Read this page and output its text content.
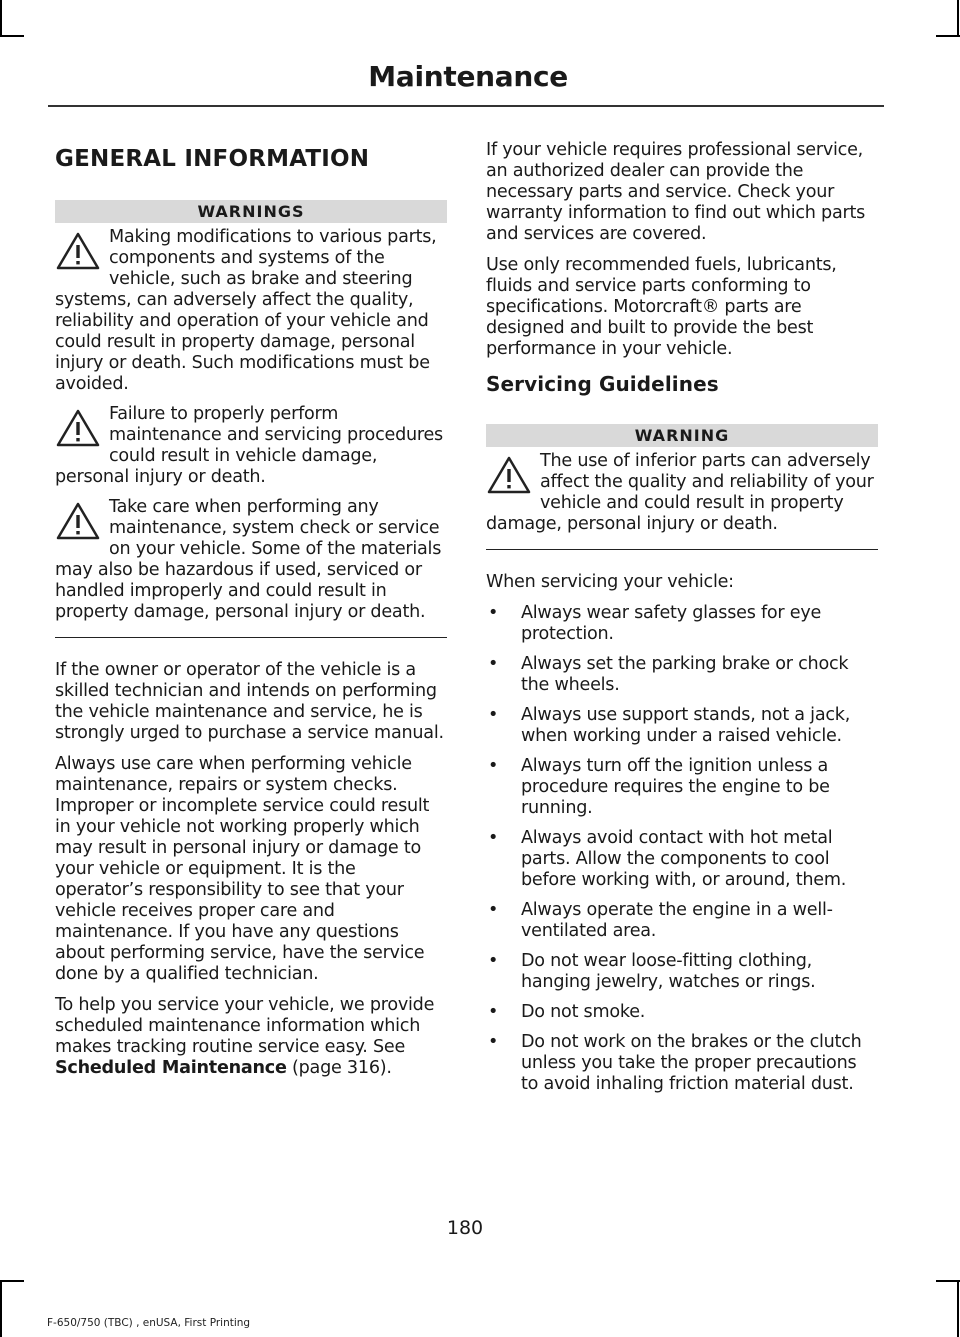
Maintenance
GENERAL INFORMATION
WARNINGS

Making modifications to various parts, components and systems of the vehicle, such as brake and steering systems, can adversely affect the quality, reliability and operation of your vehicle and could result in property damage, personal injury or death. Such modifications must be avoided.

Failure to properly perform maintenance and servicing procedures could result in vehicle damage, personal injury or death.

Take care when performing any maintenance, system check or service on your vehicle. Some of the materials may also be hazardous if used, serviced or handled improperly and could result in property damage, personal injury or death.

If the owner or operator of the vehicle is a skilled technician and intends on performing the vehicle maintenance and service, he is strongly urged to purchase a service manual.

Always use care when performing vehicle maintenance, repairs or system checks. Improper or incomplete service could result in your vehicle not working properly which may result in personal injury or damage to your vehicle or equipment. It is the operator’s responsibility to see that your vehicle receives proper care and maintenance. If you have any questions about performing service, have the service done by a qualified technician.

To help you service your vehicle, we provide scheduled maintenance information which makes tracking routine service easy. See Scheduled Maintenance (page 316).

If your vehicle requires professional service, an authorized dealer can provide the necessary parts and service. Check your warranty information to find out which parts and services are covered.

Use only recommended fuels, lubricants, fluids and service parts conforming to specifications. Motorcraft® parts are designed and built to provide the best performance in your vehicle.

Servicing Guidelines
WARNING

The use of inferior parts can adversely affect the quality and reliability of your vehicle and could result in property damage, personal injury or death.

When servicing your vehicle:

• Always wear safety glasses for eye protection.
• Always set the parking brake or chock the wheels.
• Always use support stands, not a jack, when working under a raised vehicle.
• Always turn off the ignition unless a procedure requires the engine to be running.
• Always avoid contact with hot metal parts. Allow the components to cool before working with, or around, them.
• Always operate the engine in a well-ventilated area.
• Do not wear loose-fitting clothing, hanging jewelry, watches or rings.
• Do not smoke.
• Do not work on the brakes or the clutch unless you take the proper precautions to avoid inhaling friction material dust.
180
F-650/750 (TBC) , enUSA, First Printing
